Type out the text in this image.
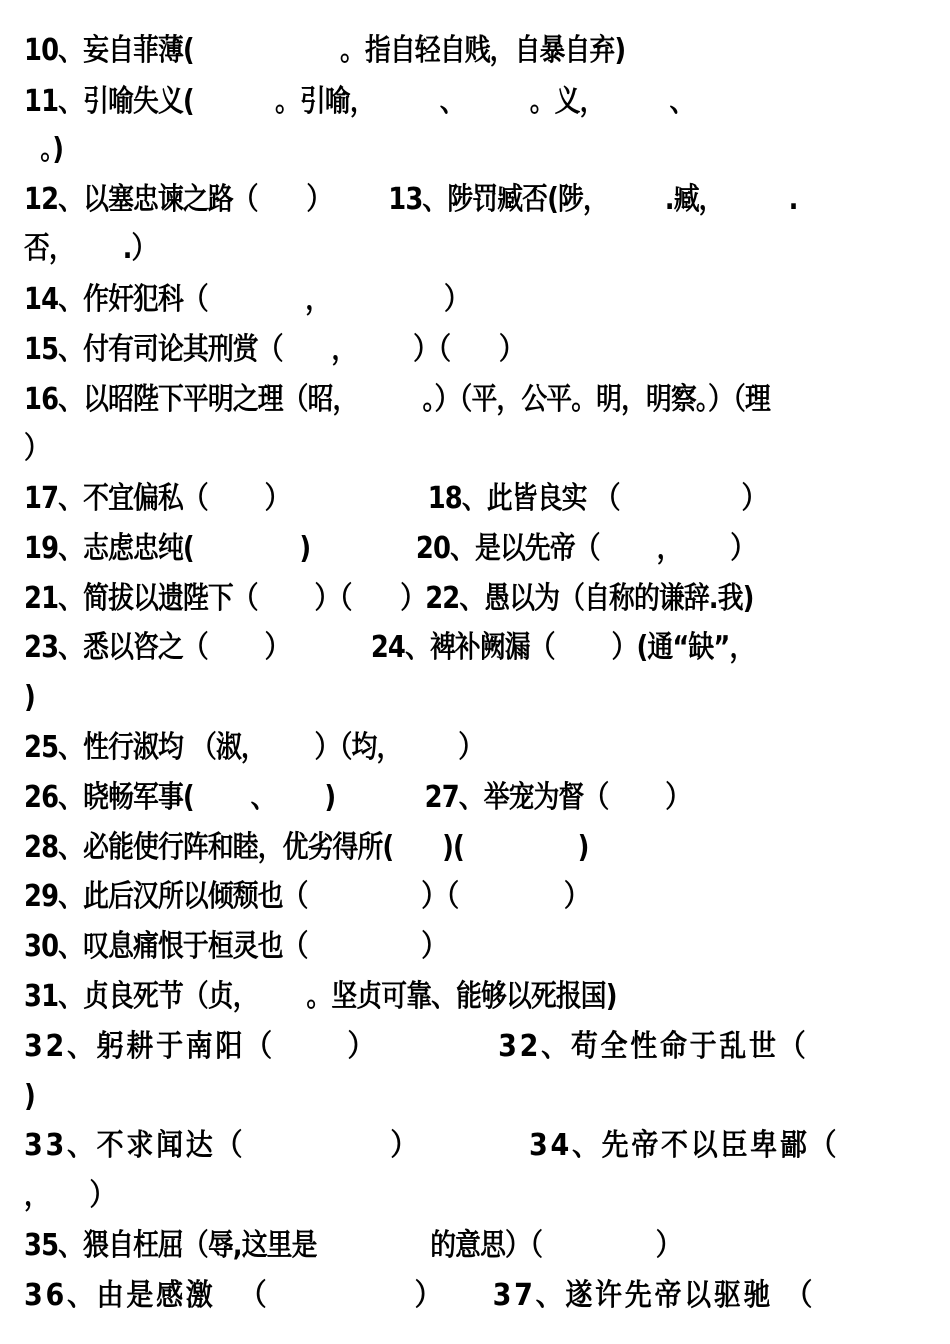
10、妄自菲薄(                  。指自轻自贱，自暴自弃)
11、引喻失义(          。引喻，        、        。义，        、
。)
12、以塞忠谏之路（      ）       13、陟罚臧否(陟，       .臧，        .
否，      .）
14、作奸犯科（            ，              ）
15、付有司论其刑赏（      ，       ）（      ）
16、以昭陛下平明之理（昭，        。）（平，公平。明，明察。）（理
）
17、不宜偏私（       ）                 18、此皆良实 （               ）
19、志虑忠纯(             )             20、是以先帝（       ，      ）
21、简拔以遗陛下（       ）（      ）22、愚以为（自称的谦辞.我)
23、悉以咨之（       ）          24、裨补阙漏（       ）(通“缺”，
)
25、性行淑均 （淑，      ）（均，       ）
26、晓畅军事(       、      )           27、举宠为督（       ）
28、必能使行阵和睦，优劣得所(      )(              )
29、此后汉所以倾颓也（              ）（             ）
30、叹息痛恨于桓灵也（              ）
31、贞良死节（贞，      。坚贞可靠、能够以死报国)
32、躬耕于南阳（      ）          32、苟全性命于乱世（
)
33、不求闻达（            ）         34、先帝不以臣卑鄙（
，     ）
35、猥自枉屈（辱,这里是              的意思）（              ）
36、由是感激  （            ）    37、遂许先帝以驱驰 （
